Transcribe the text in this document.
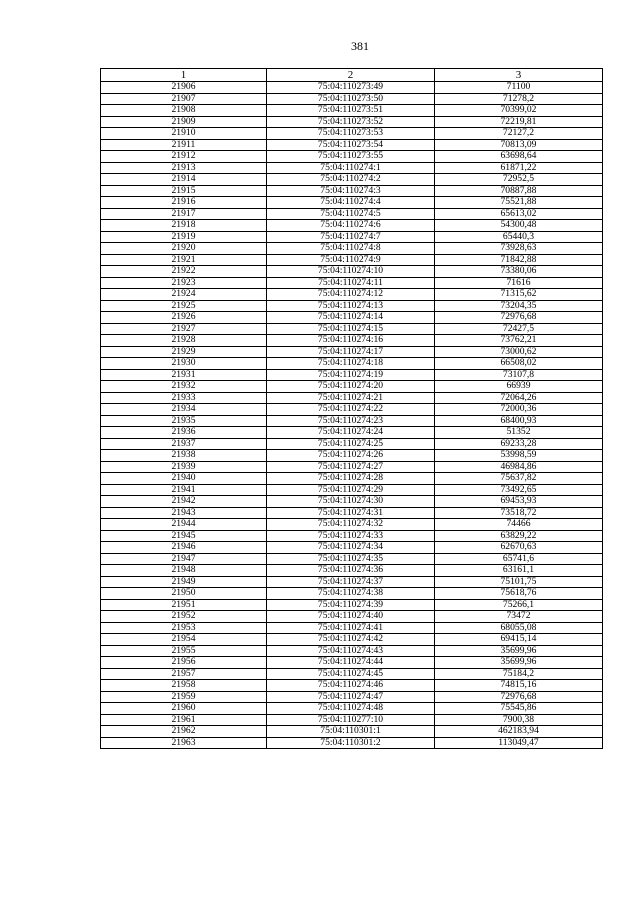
381
1	2	3
21906	75:04:110273:49	71100
21907	75:04:110273:50	71278,2
21908	75:04:110273:51	70399,02
21909	75:04:110273:52	72219,81
21910	75:04:110273:53	72127,2
21911	75:04:110273:54	70813,09
21912	75:04:110273:55	63698,64
21913	75:04:110274:1	61871,22
21914	75:04:110274:2	72952,5
21915	75:04:110274:3	70887,88
21916	75:04:110274:4	75521,88
21917	75:04:110274:5	65613,02
21918	75:04:110274:6	54300,48
21919	75:04:110274:7	65440,3
21920	75:04:110274:8	73928,63
21921	75:04:110274:9	71842,88
21922	75:04:110274:10	73380,06
21923	75:04:110274:11	71616
21924	75:04:110274:12	71315,62
21925	75:04:110274:13	73204,35
21926	75:04:110274:14	72976,68
21927	75:04:110274:15	72427,5
21928	75:04:110274:16	73762,21
21929	75:04:110274:17	73000,62
21930	75:04:110274:18	66508,02
21931	75:04:110274:19	73107,8
21932	75:04:110274:20	66939
21933	75:04:110274:21	72064,26
21934	75:04:110274:22	72000,36
21935	75:04:110274:23	68400,93
21936	75:04:110274:24	51352
21937	75:04:110274:25	69233,28
21938	75:04:110274:26	53998,59
21939	75:04:110274:27	46984,86
21940	75:04:110274:28	75637,82
21941	75:04:110274:29	73492,65
21942	75:04:110274:30	69453,93
21943	75:04:110274:31	73518,72
21944	75:04:110274:32	74466
21945	75:04:110274:33	63829,22
21946	75:04:110274:34	62670,63
21947	75:04:110274:35	65741,6
21948	75:04:110274:36	63161,1
21949	75:04:110274:37	75101,75
21950	75:04:110274:38	75618,76
21951	75:04:110274:39	75266,1
21952	75:04:110274:40	73472
21953	75:04:110274:41	68055,08
21954	75:04:110274:42	69415,14
21955	75:04:110274:43	35699,96
21956	75:04:110274:44	35699,96
21957	75:04:110274:45	75184,2
21958	75:04:110274:46	74815,16
21959	75:04:110274:47	72976,68
21960	75:04:110274:48	75545,86
21961	75:04:110277:10	7900,38
21962	75:04:110301:1	462183,94
21963	75:04:110301:2	113049,47
